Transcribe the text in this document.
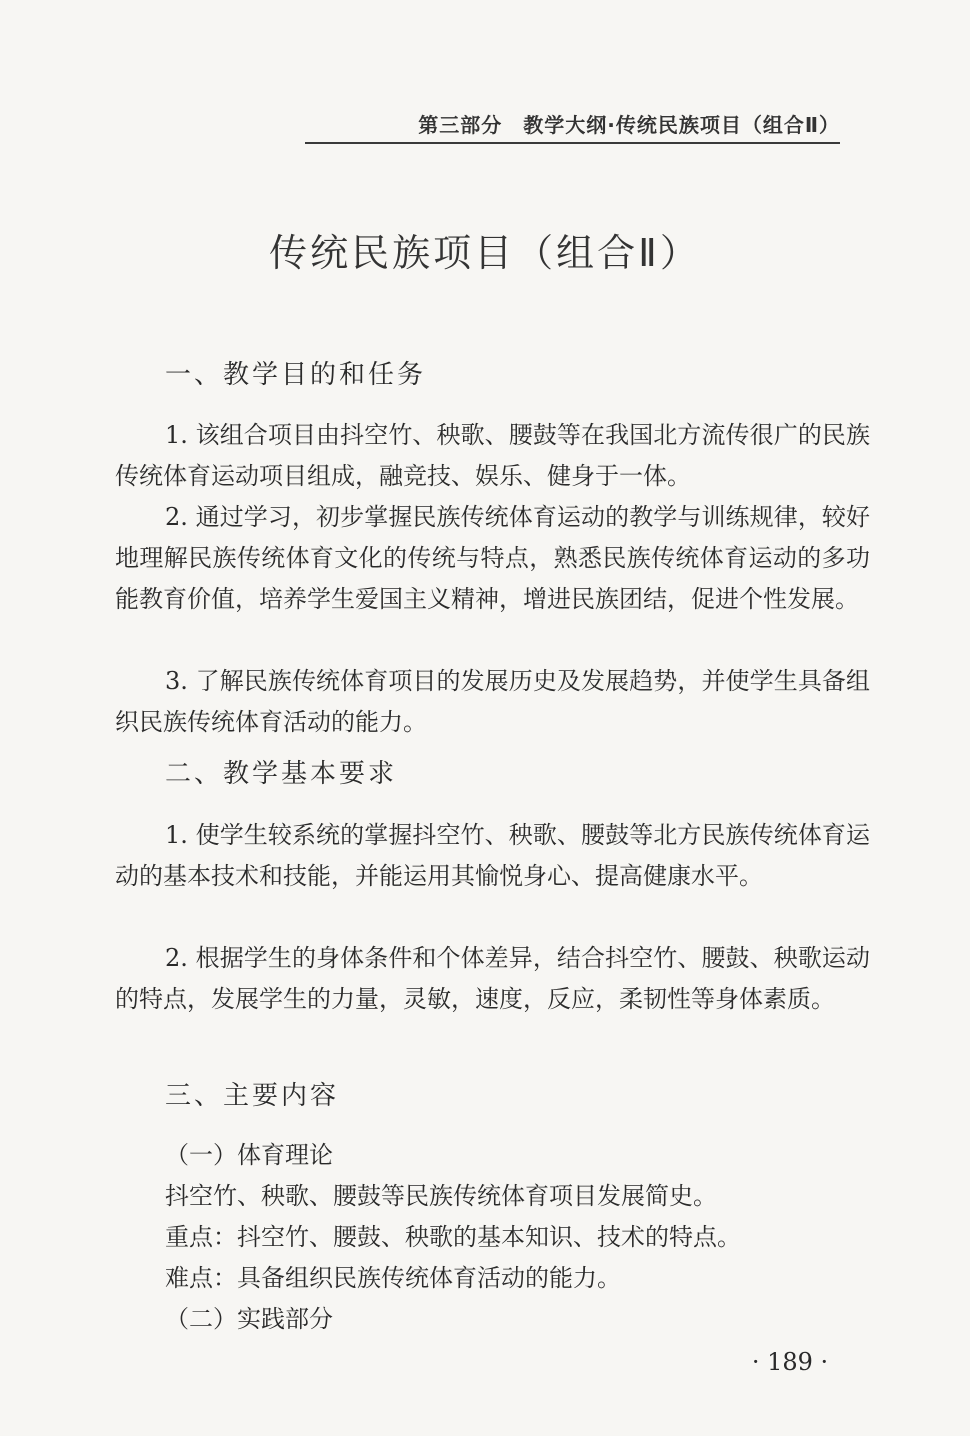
第三部分　教学大纲·传统民族项目（组合Ⅱ）
传统民族项目（组合Ⅱ）
一、教学目的和任务
1. 该组合项目由抖空竹、秧歌、腰鼓等在我国北方流传很广的民族传统体育运动项目组成，融竞技、娱乐、健身于一体。
2. 通过学习，初步掌握民族传统体育运动的教学与训练规律，较好地理解民族传统体育文化的传统与特点，熟悉民族传统体育运动的多功能教育价值，培养学生爱国主义精神，增进民族团结，促进个性发展。
3. 了解民族传统体育项目的发展历史及发展趋势，并使学生具备组织民族传统体育活动的能力。
二、教学基本要求
1. 使学生较系统的掌握抖空竹、秧歌、腰鼓等北方民族传统体育运动的基本技术和技能，并能运用其愉悦身心、提高健康水平。
2. 根据学生的身体条件和个体差异，结合抖空竹、腰鼓、秧歌运动的特点，发展学生的力量，灵敏，速度，反应，柔韧性等身体素质。
三、主要内容
（一）体育理论
抖空竹、秧歌、腰鼓等民族传统体育项目发展简史。
重点：抖空竹、腰鼓、秧歌的基本知识、技术的特点。
难点：具备组织民族传统体育活动的能力。
（二）实践部分
· 189 ·
